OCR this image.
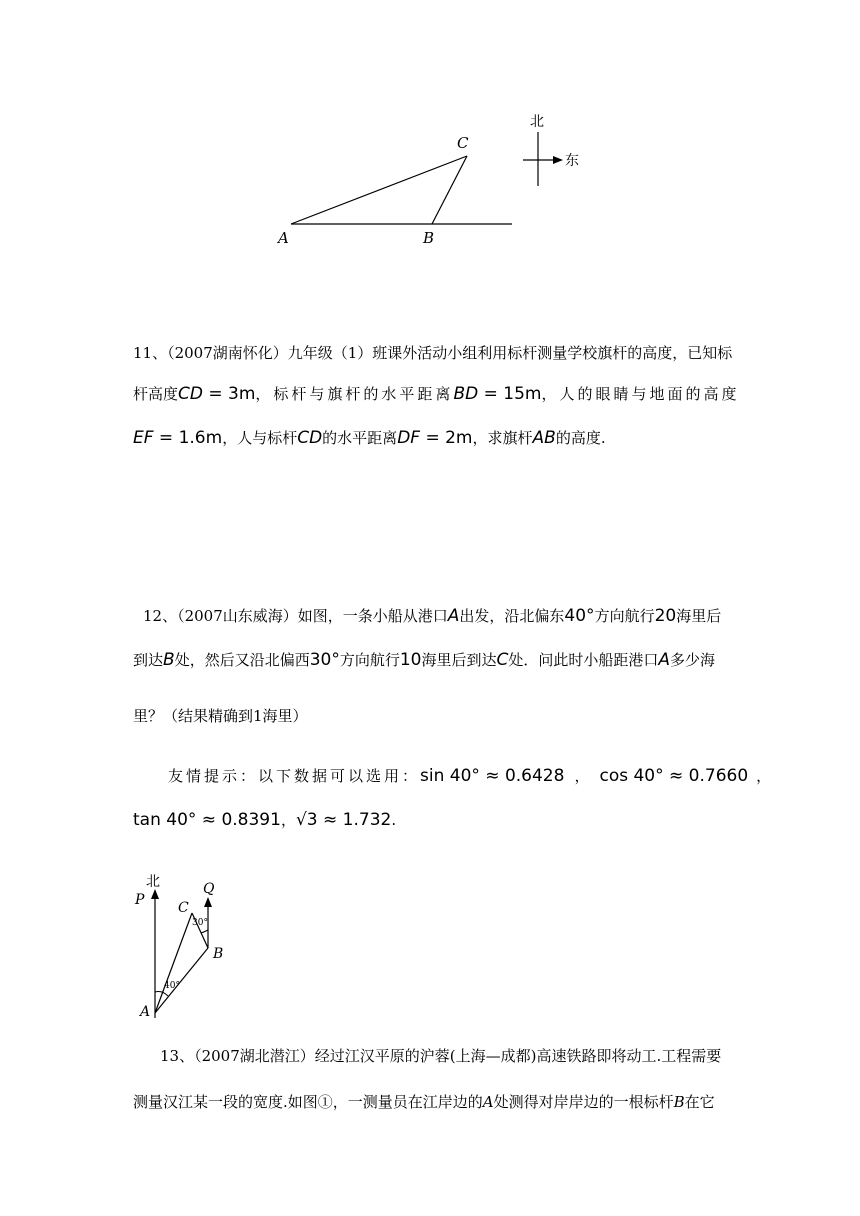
A	B
C
北
东
11、（2007湖南怀化）九年级（1）班课外活动小组利用标杆测量学校旗杆的高度，已知标
杆高度CD = 3m，标杆与旗杆的水平距离BD = 15m，人的眼睛与地面的高度
EF = 1.6m，人与标杆CD的水平距离DF = 2m，求旗杆AB的高度.
12、（2007山东威海）如图，一条小船从港口A出发，沿北偏东40°方向航行20海里后
到达B处，然后又沿北偏西30°方向航行10海里后到达C处．问此时小船距港口A多少海
里？（结果精确到1海里）
友情提示：以下数据可以选用：sin 40° ≈ 0.6428 ， cos 40° ≈ 0.7660 ，
tan 40° ≈ 0.8391，√3 ≈ 1.732.
北
P
Q
C
B
A
30°
40°
13、（2007湖北潜江）经过江汉平原的沪蓉(上海—成都)高速铁路即将动工.工程需要
测量汉江某一段的宽度.如图①，一测量员在江岸边的A处测得对岸岸边的一根标杆B在它
